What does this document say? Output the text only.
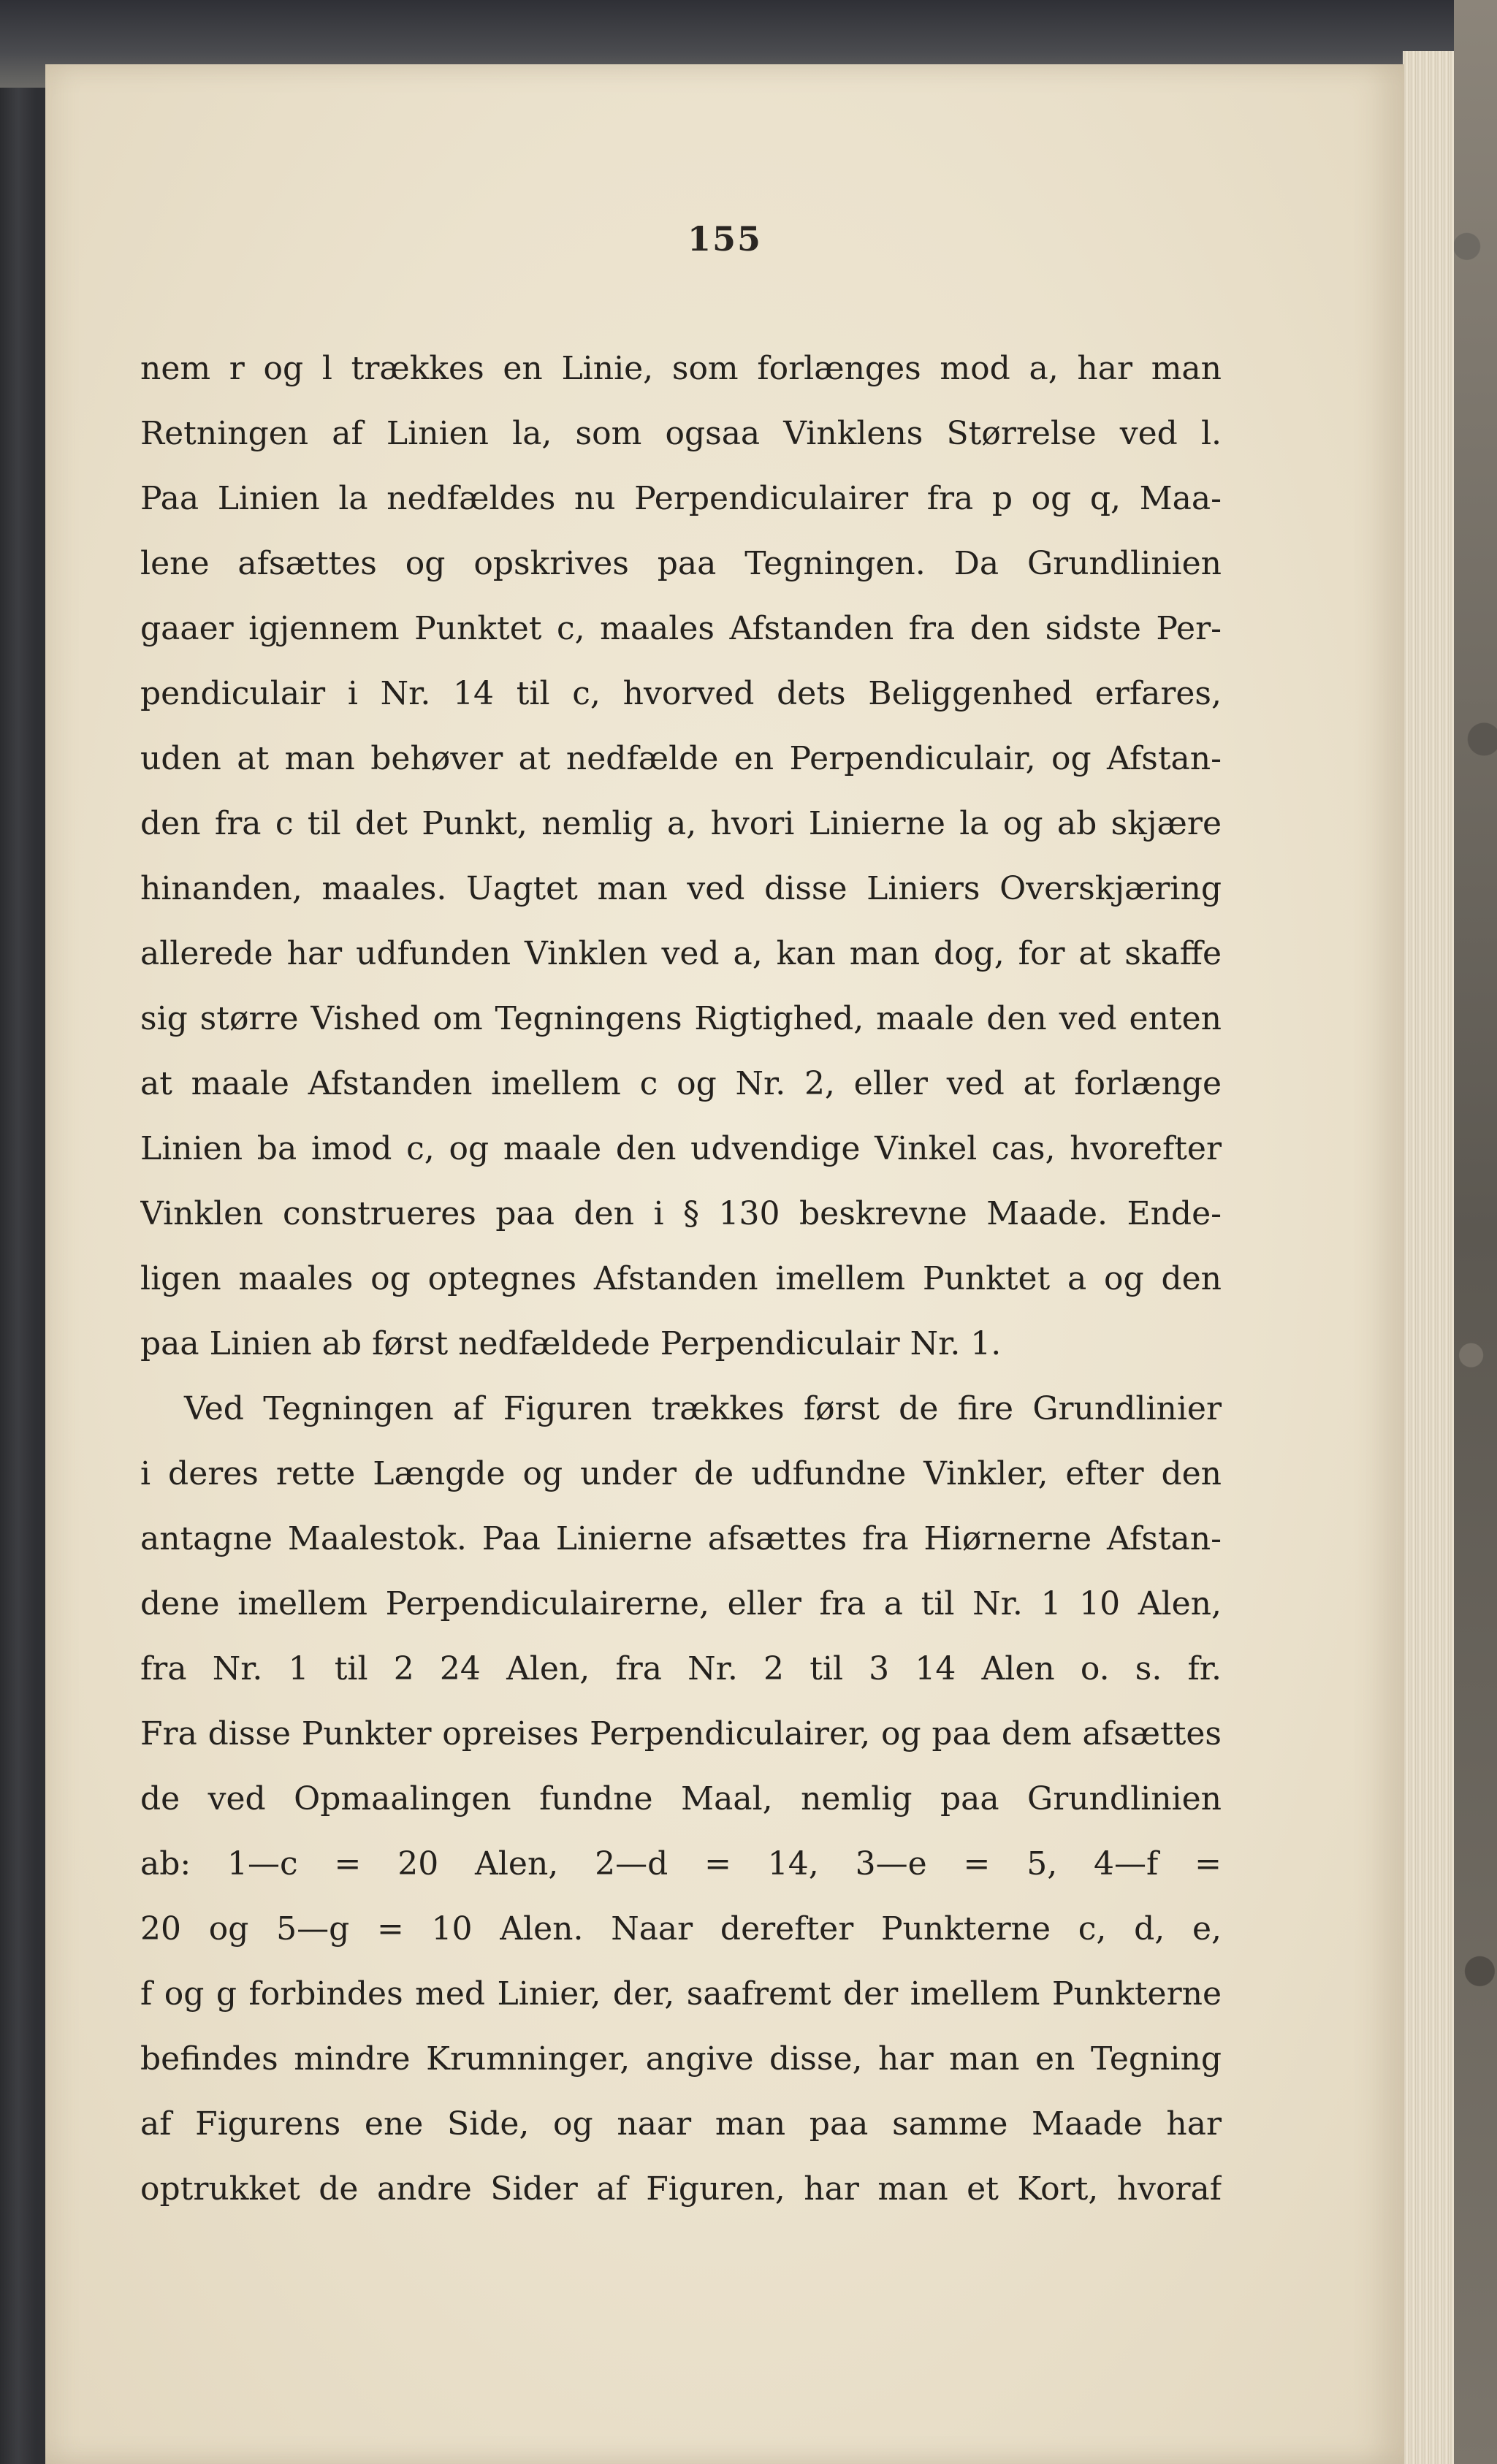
155
nem r og l trækkes en Linie, som forlænges mod a, har man
Retningen af Linien la, som ogsaa Vinklens Størrelse ved l.
Paa Linien la nedfældes nu Perpendiculairer fra p og q, Maa-
lene afsættes og opskrives paa Tegningen. Da Grundlinien
gaaer igjennem Punktet c, maales Afstanden fra den sidste Per-
pendiculair i Nr. 14 til c, hvorved dets Beliggenhed erfares,
uden at man behøver at nedfælde en Perpendiculair, og Afstan-
den fra c til det Punkt, nemlig a, hvori Linierne la og ab skjære
hinanden, maales. Uagtet man ved disse Liniers Overskjæring
allerede har udfunden Vinklen ved a, kan man dog, for at skaffe
sig større Vished om Tegningens Rigtighed, maale den ved enten
at maale Afstanden imellem c og Nr. 2, eller ved at forlænge
Linien ba imod c, og maale den udvendige Vinkel cas, hvorefter
Vinklen construeres paa den i § 130 beskrevne Maade. Ende-
ligen maales og optegnes Afstanden imellem Punktet a og den
paa Linien ab først nedfældede Perpendiculair Nr. 1.
Ved Tegningen af Figuren trækkes først de fire Grundlinier
i deres rette Længde og under de udfundne Vinkler, efter den
antagne Maalestok. Paa Linierne afsættes fra Hiørnerne Afstan-
dene imellem Perpendiculairerne, eller fra a til Nr. 1 10 Alen,
fra Nr. 1 til 2 24 Alen, fra Nr. 2 til 3 14 Alen o. s. fr.
Fra disse Punkter opreises Perpendiculairer, og paa dem afsættes
de ved Opmaalingen fundne Maal, nemlig paa Grundlinien
ab: 1—c = 20 Alen, 2—d = 14, 3—e = 5, 4—f =
20 og 5—g = 10 Alen. Naar derefter Punkterne c, d, e,
f og g forbindes med Linier, der, saafremt der imellem Punkterne
befindes mindre Krumninger, angive disse, har man en Tegning
af Figurens ene Side, og naar man paa samme Maade har
optrukket de andre Sider af Figuren, har man et Kort, hvoraf
